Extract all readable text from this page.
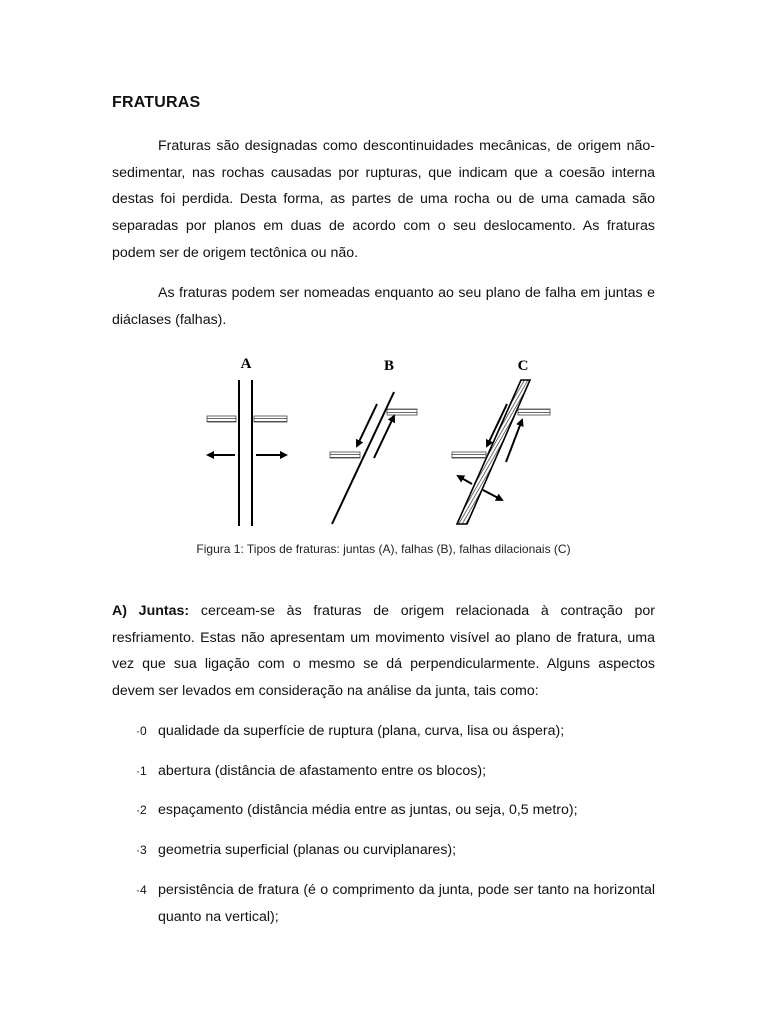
FRATURAS
Fraturas são designadas como descontinuidades mecânicas, de origem não-sedimentar, nas rochas causadas por rupturas, que indicam que a coesão interna destas foi perdida. Desta forma, as partes de uma rocha ou de uma camada são separadas por planos em duas de acordo com o seu deslocamento. As fraturas podem ser de origem tectônica ou não.
As fraturas podem ser nomeadas enquanto ao seu plano de falha em juntas e diáclases (falhas).
A	B	C
Figura 1: Tipos de fraturas: juntas (A), falhas (B), falhas dilacionais (C)
A) Juntas: cerceam-se às fraturas de origem relacionada à contração por resfriamento. Estas não apresentam um movimento visível ao plano de fratura, uma vez que sua ligação com o mesmo se dá perpendicularmente. Alguns aspectos devem ser levados em consideração na análise da junta, tais como:
·0 qualidade da superfície de ruptura (plana, curva, lisa ou áspera);
·1 abertura (distância de afastamento entre os blocos);
·2 espaçamento (distância média entre as juntas, ou seja, 0,5 metro);
·3 geometria superficial (planas ou curviplanares);
·4 persistência de fratura (é o comprimento da junta, pode ser tanto na horizontal quanto na vertical);
